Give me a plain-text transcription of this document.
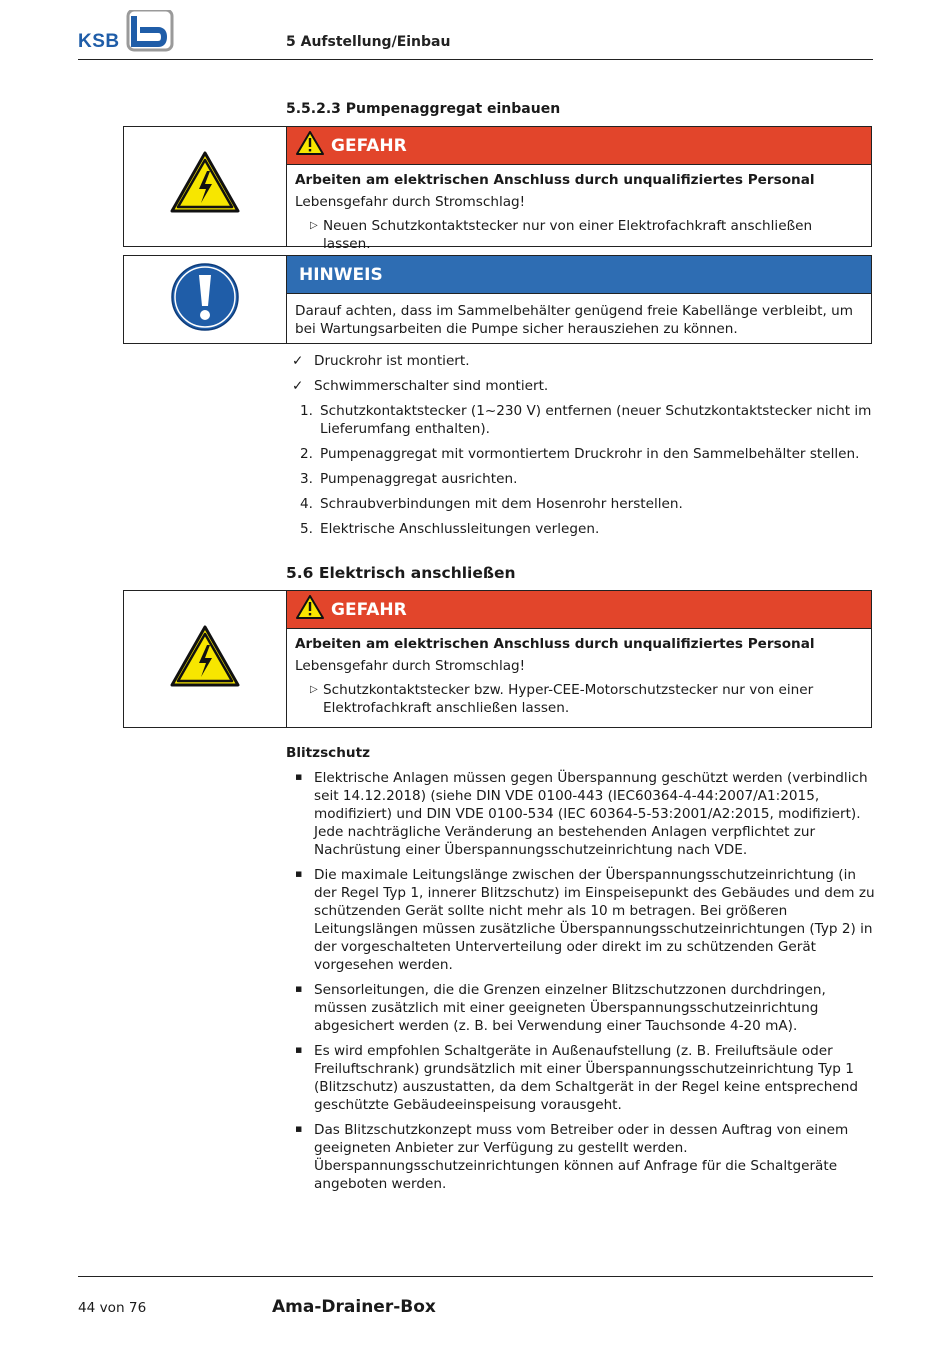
KSB	5 Aufstellung/Einbau
5.5.2.3 Pumpenaggregat einbauen
GEFAHR
Arbeiten am elektrischen Anschluss durch unqualifiziertes Personal
Lebensgefahr durch Stromschlag!
▷ Neuen Schutzkontaktstecker nur von einer Elektrofachkraft anschließen lassen.
HINWEIS
Darauf achten, dass im Sammelbehälter genügend freie Kabellänge verbleibt, um bei Wartungsarbeiten die Pumpe sicher herausziehen zu können.
✓ Druckrohr ist montiert.
✓ Schwimmerschalter sind montiert.
1. Schutzkontaktstecker (1~230 V) entfernen (neuer Schutzkontaktstecker nicht im Lieferumfang enthalten).
2. Pumpenaggregat mit vormontiertem Druckrohr in den Sammelbehälter stellen.
3. Pumpenaggregat ausrichten.
4. Schraubverbindungen mit dem Hosenrohr herstellen.
5. Elektrische Anschlussleitungen verlegen.
5.6 Elektrisch anschließen
GEFAHR
Arbeiten am elektrischen Anschluss durch unqualifiziertes Personal
Lebensgefahr durch Stromschlag!
▷ Schutzkontaktstecker bzw. Hyper-CEE-Motorschutzstecker nur von einer Elektrofachkraft anschließen lassen.
Blitzschutz
▪ Elektrische Anlagen müssen gegen Überspannung geschützt werden (verbindlich seit 14.12.2018) (siehe DIN VDE 0100-443 (IEC60364-4-44:2007/A1:2015, modifiziert) und DIN VDE 0100-534 (IEC 60364-5-53:2001/A2:2015, modifiziert). Jede nachträgliche Veränderung an bestehenden Anlagen verpflichtet zur Nachrüstung einer Überspannungsschutzeinrichtung nach VDE.
▪ Die maximale Leitungslänge zwischen der Überspannungsschutzeinrichtung (in der Regel Typ 1, innerer Blitzschutz) im Einspeisepunkt des Gebäudes und dem zu schützenden Gerät sollte nicht mehr als 10 m betragen. Bei größeren Leitungslängen müssen zusätzliche Überspannungsschutzeinrichtungen (Typ 2) in der vorgeschalteten Unterverteilung oder direkt im zu schützenden Gerät vorgesehen werden.
▪ Sensorleitungen, die die Grenzen einzelner Blitzschutzzonen durchdringen, müssen zusätzlich mit einer geeigneten Überspannungsschutzeinrichtung abgesichert werden (z. B. bei Verwendung einer Tauchsonde 4-20 mA).
▪ Es wird empfohlen Schaltgeräte in Außenaufstellung (z. B. Freiluftsäule oder Freiluftschrank) grundsätzlich mit einer Überspannungsschutzeinrichtung Typ 1 (Blitzschutz) auszustatten, da dem Schaltgerät in der Regel keine entsprechend geschützte Gebäudeeinspeisung vorausgeht.
▪ Das Blitzschutzkonzept muss vom Betreiber oder in dessen Auftrag von einem geeigneten Anbieter zur Verfügung zu gestellt werden. Überspannungsschutzeinrichtungen können auf Anfrage für die Schaltgeräte angeboten werden.
44 von 76	Ama-Drainer-Box
